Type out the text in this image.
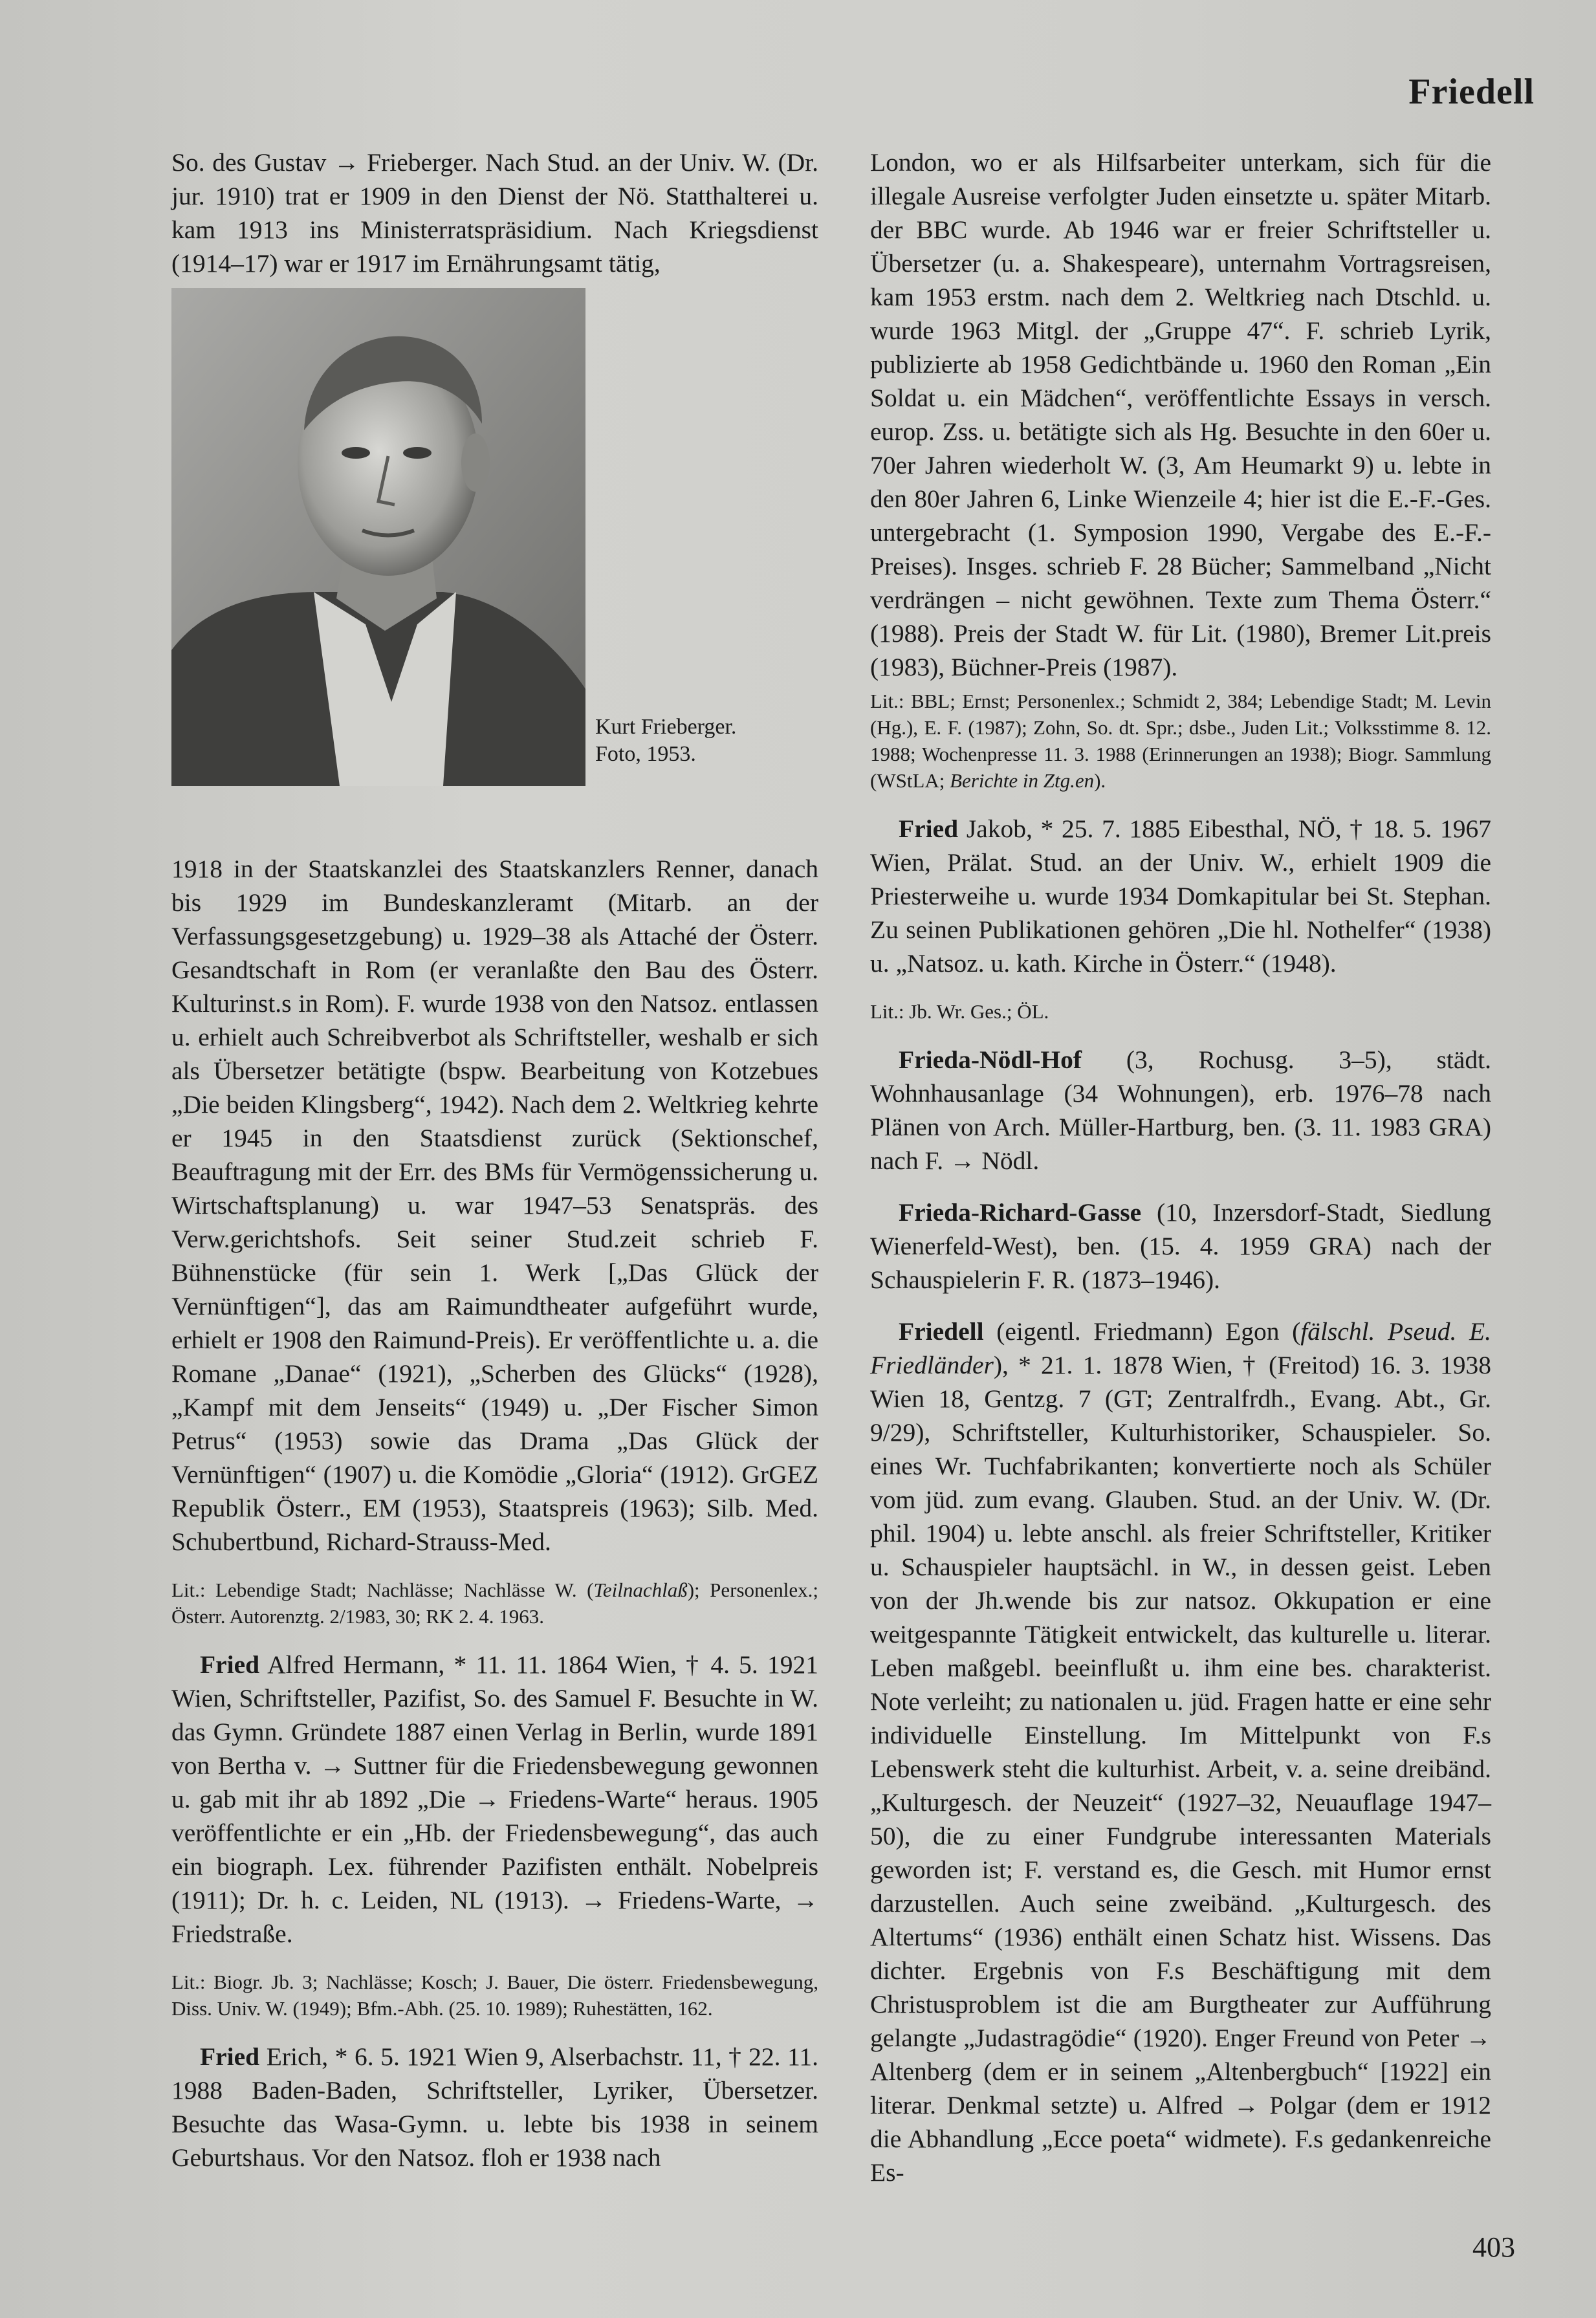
Friedell

So. des Gustav → Frieberger. Nach Stud. an der Univ. W. (Dr. jur. 1910) trat er 1909 in den Dienst der Nö. Statthalterei u. kam 1913 ins Ministerratspräsidium. Nach Kriegsdienst (1914–17) war er 1917 im Ernährungsamt tätig,

Kurt Frieberger.
Foto, 1953.

1918 in der Staatskanzlei des Staatskanzlers Renner, danach bis 1929 im Bundeskanzleramt (Mitarb. an der Verfassungsgesetzgebung) u. 1929–38 als Attaché der Österr. Gesandtschaft in Rom (er veranlaßte den Bau des Österr. Kulturinst.s in Rom). F. wurde 1938 von den Natsoz. entlassen u. erhielt auch Schreibverbot als Schriftsteller, weshalb er sich als Übersetzer betätigte (bspw. Bearbeitung von Kotzebues „Die beiden Klingsberg“, 1942). Nach dem 2. Weltkrieg kehrte er 1945 in den Staatsdienst zurück (Sektionschef, Beauftragung mit der Err. des BMs für Vermögenssicherung u. Wirtschaftsplanung) u. war 1947–53 Senatspräs. des Verw.gerichtshofs. Seit seiner Stud.zeit schrieb F. Bühnenstücke (für sein 1. Werk [„Das Glück der Vernünftigen“], das am Raimundtheater aufgeführt wurde, erhielt er 1908 den Raimund-Preis). Er veröffentlichte u. a. die Romane „Danae“ (1921), „Scherben des Glücks“ (1928), „Kampf mit dem Jenseits“ (1949) u. „Der Fischer Simon Petrus“ (1953) sowie das Drama „Das Glück der Vernünftigen“ (1907) u. die Komödie „Gloria“ (1912). GrGEZ Republik Österr., EM (1953), Staatspreis (1963); Silb. Med. Schubertbund, Richard-Strauss-Med.

Lit.: Lebendige Stadt; Nachlässe; Nachlässe W. (Teilnachlaß); Personenlex.; Österr. Autorenztg. 2/1983, 30; RK 2. 4. 1963.

Fried Alfred Hermann, * 11. 11. 1864 Wien, † 4. 5. 1921 Wien, Schriftsteller, Pazifist, So. des Samuel F. Besuchte in W. das Gymn. Gründete 1887 einen Verlag in Berlin, wurde 1891 von Bertha v. → Suttner für die Friedensbewegung gewonnen u. gab mit ihr ab 1892 „Die → Friedens-Warte“ heraus. 1905 veröffentlichte er ein „Hb. der Friedensbewegung“, das auch ein biograph. Lex. führender Pazifisten enthält. Nobelpreis (1911); Dr. h. c. Leiden, NL (1913). → Friedens-Warte, → Friedstraße.

Lit.: Biogr. Jb. 3; Nachlässe; Kosch; J. Bauer, Die österr. Friedensbewegung, Diss. Univ. W. (1949); Bfm.-Abh. (25. 10. 1989); Ruhestätten, 162.

Fried Erich, * 6. 5. 1921 Wien 9, Alserbachstr. 11, † 22. 11. 1988 Baden-Baden, Schriftsteller, Lyriker, Übersetzer. Besuchte das Wasa-Gymn. u. lebte bis 1938 in seinem Geburtshaus. Vor den Natsoz. floh er 1938 nach

London, wo er als Hilfsarbeiter unterkam, sich für die illegale Ausreise verfolgter Juden einsetzte u. später Mitarb. der BBC wurde. Ab 1946 war er freier Schriftsteller u. Übersetzer (u. a. Shakespeare), unternahm Vortragsreisen, kam 1953 erstm. nach dem 2. Weltkrieg nach Dtschld. u. wurde 1963 Mitgl. der „Gruppe 47“. F. schrieb Lyrik, publizierte ab 1958 Gedichtbände u. 1960 den Roman „Ein Soldat u. ein Mädchen“, veröffentlichte Essays in versch. europ. Zss. u. betätigte sich als Hg. Besuchte in den 60er u. 70er Jahren wiederholt W. (3, Am Heumarkt 9) u. lebte in den 80er Jahren 6, Linke Wienzeile 4; hier ist die E.-F.-Ges. untergebracht (1. Symposion 1990, Vergabe des E.-F.-Preises). Insges. schrieb F. 28 Bücher; Sammelband „Nicht verdrängen – nicht gewöhnen. Texte zum Thema Österr.“ (1988). Preis der Stadt W. für Lit. (1980), Bremer Lit.preis (1983), Büchner-Preis (1987).

Lit.: BBL; Ernst; Personenlex.; Schmidt 2, 384; Lebendige Stadt; M. Levin (Hg.), E. F. (1987); Zohn, So. dt. Spr.; dsbe., Juden Lit.; Volksstimme 8. 12. 1988; Wochenpresse 11. 3. 1988 (Erinnerungen an 1938); Biogr. Sammlung (WStLA; Berichte in Ztg.en).

Fried Jakob, * 25. 7. 1885 Eibesthal, NÖ, † 18. 5. 1967 Wien, Prälat. Stud. an der Univ. W., erhielt 1909 die Priesterweihe u. wurde 1934 Domkapitular bei St. Stephan. Zu seinen Publikationen gehören „Die hl. Nothelfer“ (1938) u. „Natsoz. u. kath. Kirche in Österr.“ (1948).

Lit.: Jb. Wr. Ges.; ÖL.

Frieda-Nödl-Hof (3, Rochusg. 3–5), städt. Wohnhausanlage (34 Wohnungen), erb. 1976–78 nach Plänen von Arch. Müller-Hartburg, ben. (3. 11. 1983 GRA) nach F. → Nödl.

Frieda-Richard-Gasse (10, Inzersdorf-Stadt, Siedlung Wienerfeld-West), ben. (15. 4. 1959 GRA) nach der Schauspielerin F. R. (1873–1946).

Friedell (eigentl. Friedmann) Egon (fälschl. Pseud. E. Friedländer), * 21. 1. 1878 Wien, † (Freitod) 16. 3. 1938 Wien 18, Gentzg. 7 (GT; Zentralfrdh., Evang. Abt., Gr. 9/29), Schriftsteller, Kulturhistoriker, Schauspieler. So. eines Wr. Tuchfabrikanten; konvertierte noch als Schüler vom jüd. zum evang. Glauben. Stud. an der Univ. W. (Dr. phil. 1904) u. lebte anschl. als freier Schriftsteller, Kritiker u. Schauspieler hauptsächl. in W., in dessen geist. Leben von der Jh.wende bis zur natsoz. Okkupation er eine weitgespannte Tätigkeit entwickelt, das kulturelle u. literar. Leben maßgebl. beeinflußt u. ihm eine bes. charakterist. Note verleiht; zu nationalen u. jüd. Fragen hatte er eine sehr individuelle Einstellung. Im Mittelpunkt von F.s Lebenswerk steht die kulturhist. Arbeit, v. a. seine dreibänd. „Kulturgesch. der Neuzeit“ (1927–32, Neuauflage 1947–50), die zu einer Fundgrube interessanten Materials geworden ist; F. verstand es, die Gesch. mit Humor ernst darzustellen. Auch seine zweibänd. „Kulturgesch. des Altertums“ (1936) enthält einen Schatz hist. Wissens. Das dichter. Ergebnis von F.s Beschäftigung mit dem Christusproblem ist die am Burgtheater zur Aufführung gelangte „Judastragödie“ (1920). Enger Freund von Peter → Altenberg (dem er in seinem „Altenbergbuch“ [1922] ein literar. Denkmal setzte) u. Alfred → Polgar (dem er 1912 die Abhandlung „Ecce poeta“ widmete). F.s gedankenreiche Es-

403
